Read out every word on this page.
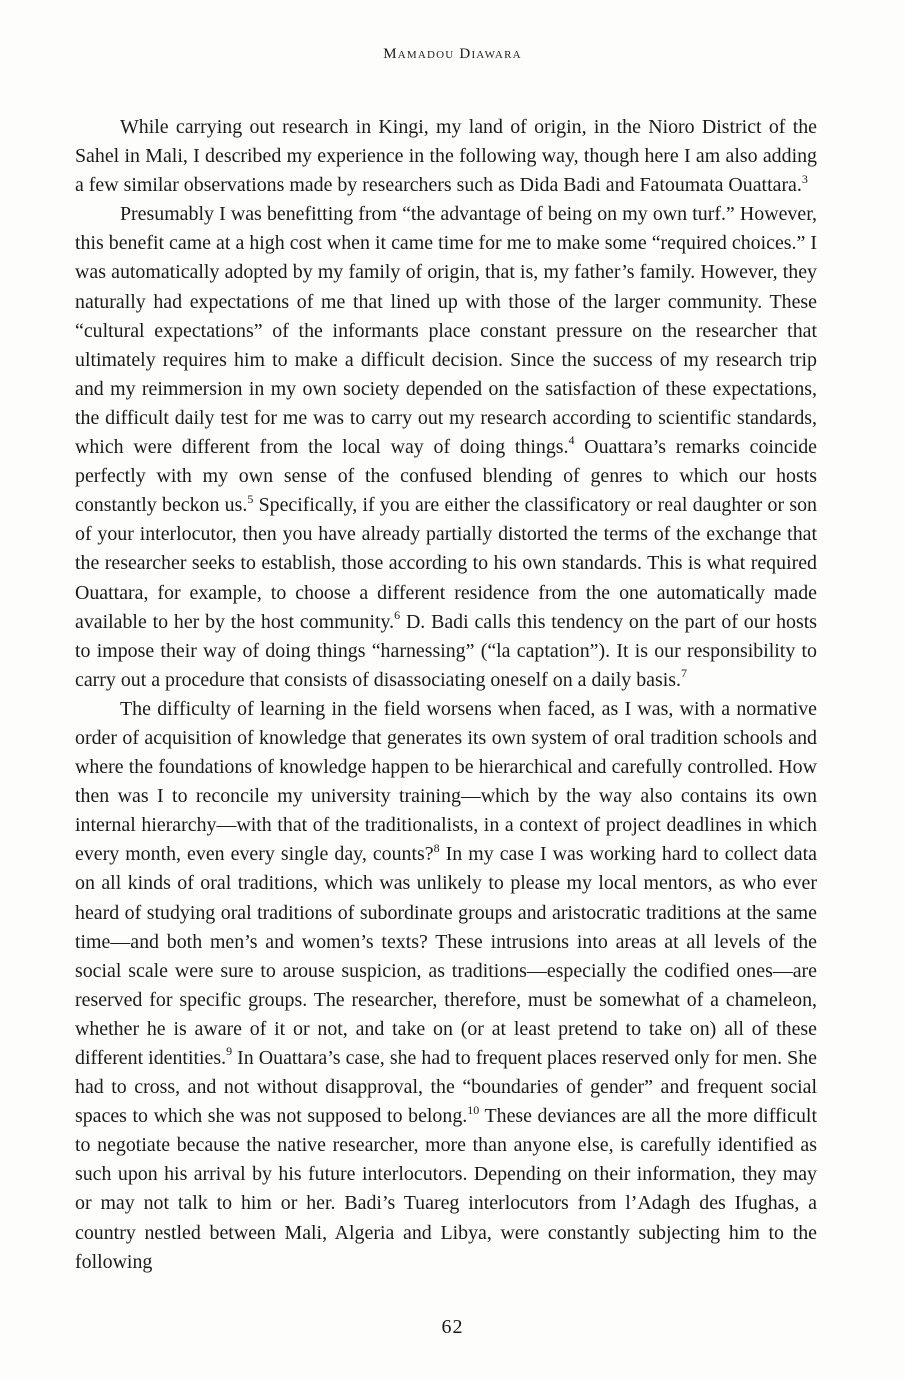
Mamadou Diawara

While carrying out research in Kingi, my land of origin, in the Nioro District of the Sahel in Mali, I described my experience in the following way, though here I am also adding a few similar observations made by researchers such as Dida Badi and Fatoumata Ouattara.$^3$

Presumably I was benefitting from “the advantage of being on my own turf.” However, this benefit came at a high cost when it came time for me to make some “required choices.” I was automatically adopted by my family of origin, that is, my father’s family. However, they naturally had expectations of me that lined up with those of the larger community. These “cultural expectations” of the informants place constant pressure on the researcher that ultimately requires him to make a difficult decision. Since the success of my research trip and my reimmersion in my own society depended on the satisfaction of these expectations, the difficult daily test for me was to carry out my research according to scientific standards, which were different from the local way of doing things.$^4$ Ouattara’s remarks coincide perfectly with my own sense of the confused blending of genres to which our hosts constantly beckon us.$^5$ Specifically, if you are either the classificatory or real daughter or son of your interlocutor, then you have already partially distorted the terms of the exchange that the researcher seeks to establish, those according to his own standards. This is what required Ouattara, for example, to choose a different residence from the one automatically made available to her by the host community.$^6$ D. Badi calls this tendency on the part of our hosts to impose their way of doing things “harnessing” (“la captation”). It is our responsibility to carry out a procedure that consists of disassociating oneself on a daily basis.$^7$

The difficulty of learning in the field worsens when faced, as I was, with a normative order of acquisition of knowledge that generates its own system of oral tradition schools and where the foundations of knowledge happen to be hierarchical and carefully controlled. How then was I to reconcile my university training—which by the way also contains its own internal hierarchy—with that of the traditionalists, in a context of project deadlines in which every month, even every single day, counts?$^8$ In my case I was working hard to collect data on all kinds of oral traditions, which was unlikely to please my local mentors, as who ever heard of studying oral traditions of subordinate groups and aristocratic traditions at the same time—and both men’s and women’s texts? These intrusions into areas at all levels of the social scale were sure to arouse suspicion, as traditions—especially the codified ones—are reserved for specific groups. The researcher, therefore, must be somewhat of a chameleon, whether he is aware of it or not, and take on (or at least pretend to take on) all of these different identities.$^9$ In Ouattara’s case, she had to frequent places reserved only for men. She had to cross, and not without disapproval, the “boundaries of gender” and frequent social spaces to which she was not supposed to belong.$^{10}$ These deviances are all the more difficult to negotiate because the native researcher, more than anyone else, is carefully identified as such upon his arrival by his future interlocutors. Depending on their information, they may or may not talk to him or her. Badi’s Tuareg interlocutors from l’Adagh des Ifughas, a country nestled between Mali, Algeria and Libya, were constantly subjecting him to the following

62
